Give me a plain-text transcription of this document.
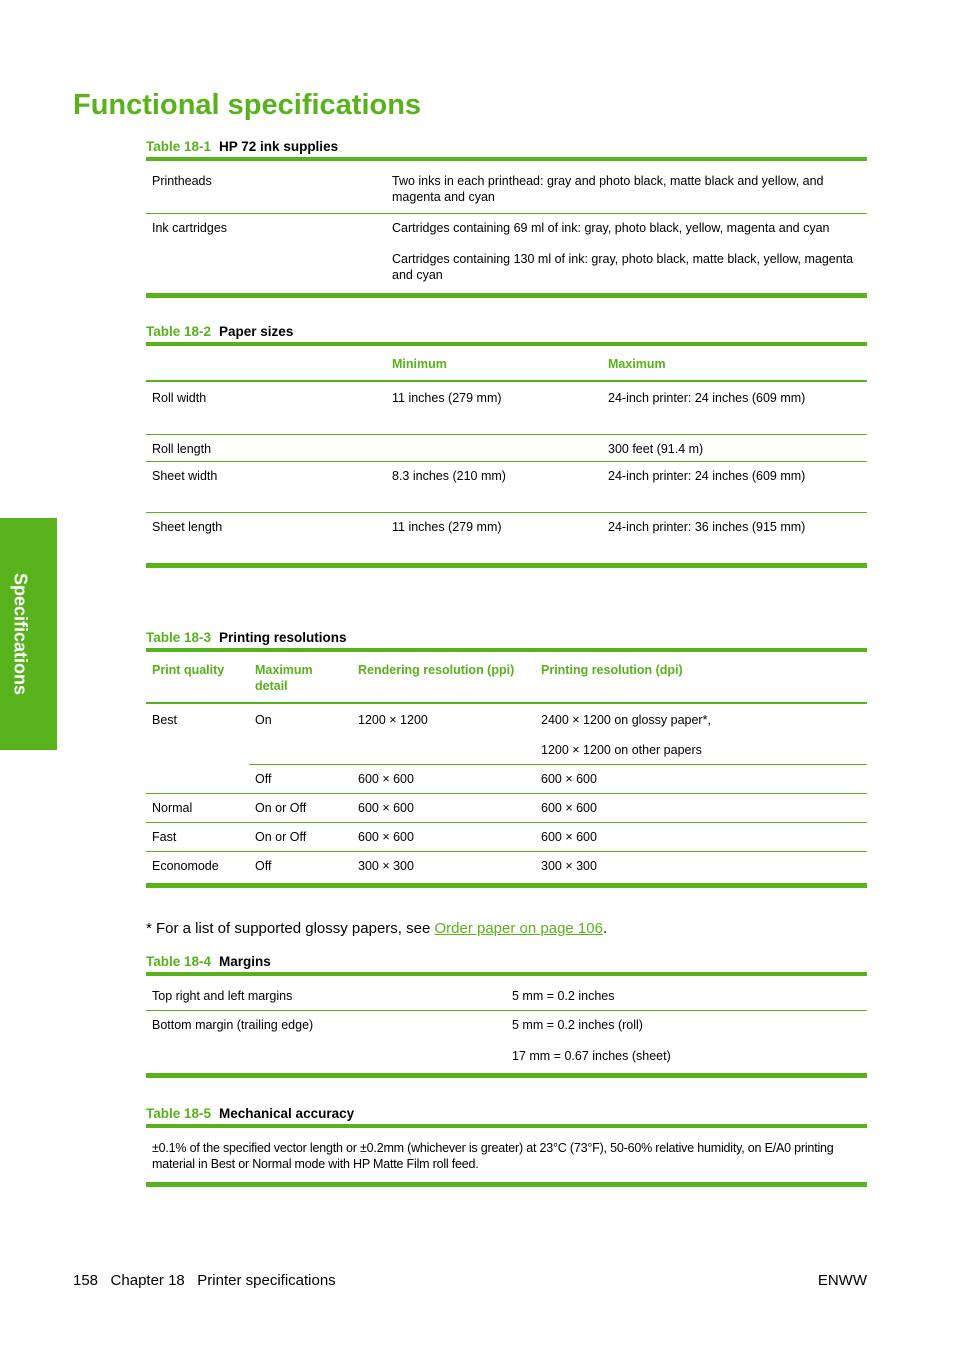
Functional specifications
Specifications

Table 18-1 HP 72 ink supplies

Printheads	Two inks in each printhead: gray and photo black, matte black and yellow, and magenta and cyan
Ink cartridges	Cartridges containing 69 ml of ink: gray, photo black, yellow, magenta and cyan

Cartridges containing 130 ml of ink: gray, photo black, matte black, yellow, magenta and cyan

Table 18-2 Paper sizes

	Minimum	Maximum
Roll width	11 inches (279 mm)	24-inch printer: 24 inches (609 mm)
Roll length		300 feet (91.4 m)
Sheet width	8.3 inches (210 mm)	24-inch printer: 24 inches (609 mm)
Sheet length	11 inches (279 mm)	24-inch printer: 36 inches (915 mm)

Table 18-3 Printing resolutions

Print quality	Maximum detail	Rendering resolution (ppi)	Printing resolution (dpi)
Best	On	1200 × 1200	2400 × 1200 on glossy paper*,

1200 × 1200 on other papers

	Off	600 × 600	600 × 600
Normal	On or Off	600 × 600	600 × 600
Fast	On or Off	600 × 600	600 × 600
Economode	Off	300 × 300	300 × 300

* For a list of supported glossy papers, see Order paper on page 106.

Table 18-4 Margins

Top right and left margins	5 mm = 0.2 inches
Bottom margin (trailing edge)	5 mm = 0.2 inches (roll)

17 mm = 0.67 inches (sheet)

Table 18-5 Mechanical accuracy

±0.1% of the specified vector length or ±0.2mm (whichever is greater) at 23°C (73°F), 50-60% relative humidity, on E/A0 printing material in Best or Normal mode with HP Matte Film roll feed.
158 Chapter 18 Printer specifications	ENWW
